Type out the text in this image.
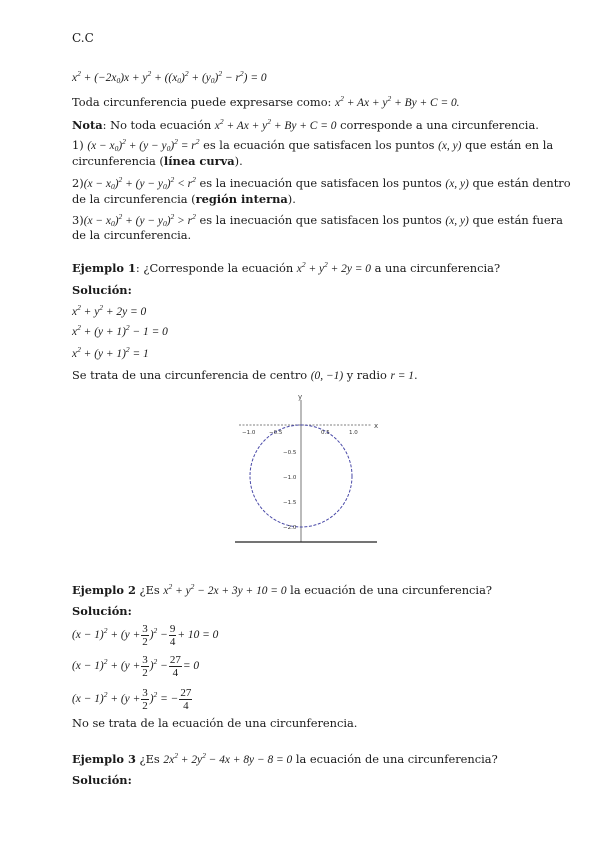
C.C
$x^2 + (-2x_0)x + y^2 + ((x_0)^2 + (y_0)^2 - r^2) = 0$
Toda circunferencia puede expresarse como: $x^2 + Ax + y^2 + By + C = 0$.
Nota: No toda ecuación $x^2 + Ax + y^2 + By + C = 0$ corresponde a una circunferencia.
1) $(x - x_0)^2 + (y - y_0)^2 = r^2$ es la ecuación que satisfacen los puntos (x, y) que están en la
circunferencia (línea curva).
$2)(x - x_0)^2 + (y - y_0)^2 < r^2$ es la inecuación que satisfacen los puntos (x, y) que están dentro
de la circunferencia (región interna).
$3)(x - x_0)^2 + (y - y_0)^2 > r^2$ es la inecuación que satisfacen los puntos (x, y) que están fuera
de la circunferencia.
Ejemplo 1: ¿Corresponde la ecuación $x^2 + y^2 + 2y = 0$ a una circunferencia?
Solución:
$x^2 + y^2 + 2y = 0$
$x^2 + (y + 1)^2 - 1 = 0$
$x^2 + (y + 1)^2 = 1$
Se trata de una circunferencia de centro (0, −1) y radio r = 1.
x
y
−1.0 −0.5	0.5	1.0
−0.5
−1.0
−1.5
−2.0
Ejemplo 2 ¿Es $x^2 + y^2 - 2x + 3y + 10 = 0$ la ecuación de una circunferencia?
Solución:
$(x - 1)^2 + (y + \frac{3}{2} )^2 - \frac{9}{4} + 10 = 0$
$(x - 1)^2 + (y + \frac{3}{2} )^2 - \frac{27}{4} = 0$
$(x - 1)^2 + (y + \frac{3}{2} )^2$ = − $\frac{27}{4}$
No se trata de la ecuación de una circunferencia.
Ejemplo 3 ¿Es $2x^2 + 2y^2 - 4x + 8y - 8 = 0$ la ecuación de una circunferencia?
Solución:
